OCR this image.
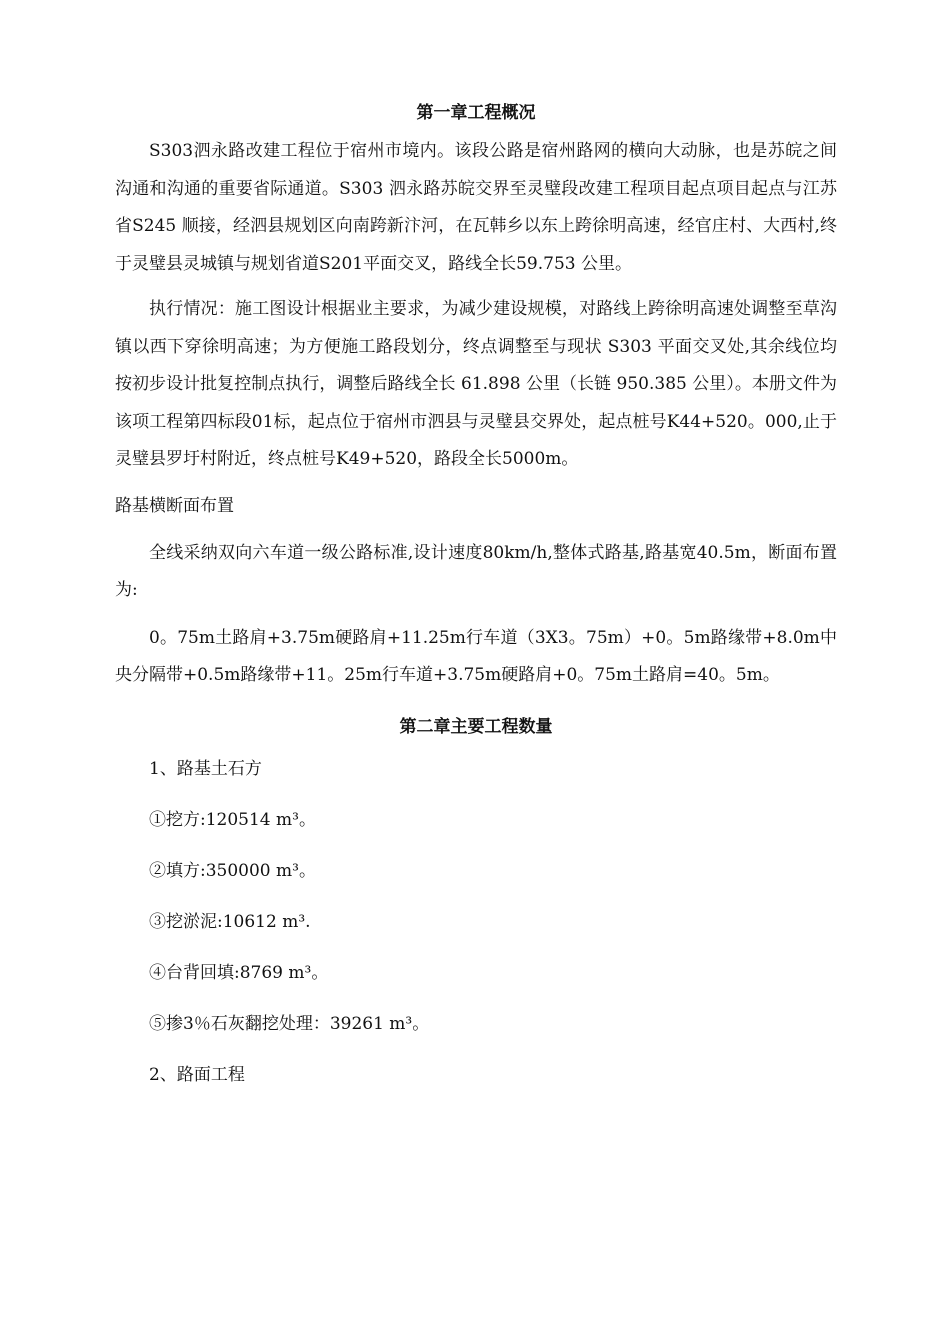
第一章工程概况

S303泗永路改建工程位于宿州市境内。该段公路是宿州路网的横向大动脉，也是苏皖之间沟通和沟通的重要省际通道。S303 泗永路苏皖交界至灵璧段改建工程项目起点项目起点与江苏省S245 顺接，经泗县规划区向南跨新汴河，在瓦韩乡以东上跨徐明高速，经官庄村、大西村,终于灵璧县灵城镇与规划省道S201平面交叉，路线全长59.753 公里。

执行情况：施工图设计根据业主要求，为减少建设规模，对路线上跨徐明高速处调整至草沟镇以西下穿徐明高速；为方便施工路段划分，终点调整至与现状 S303 平面交叉处,其余线位均按初步设计批复控制点执行，调整后路线全长 61.898 公里（长链 950.385 公里）。本册文件为该项工程第四标段01标，起点位于宿州市泗县与灵璧县交界处，起点桩号K44+520。000,止于灵璧县罗圩村附近，终点桩号K49+520，路段全长5000m。

路基横断面布置

全线采纳双向六车道一级公路标准,设计速度80km/h,整体式路基,路基宽40.5m，断面布置为:

0。75m土路肩+3.75m硬路肩+11.25m行车道（3X3。75m）+0。5m路缘带+8.0m中央分隔带+0.5m路缘带+11。25m行车道+3.75m硬路肩+0。75m土路肩=40。5m。

第二章主要工程数量

1、路基土石方

①挖方:120514 m³。

②填方:350000 m³。

③挖淤泥:10612 m³.

④台背回填:8769 m³。

⑤掺3％石灰翻挖处理：39261 m³。

2、路面工程
